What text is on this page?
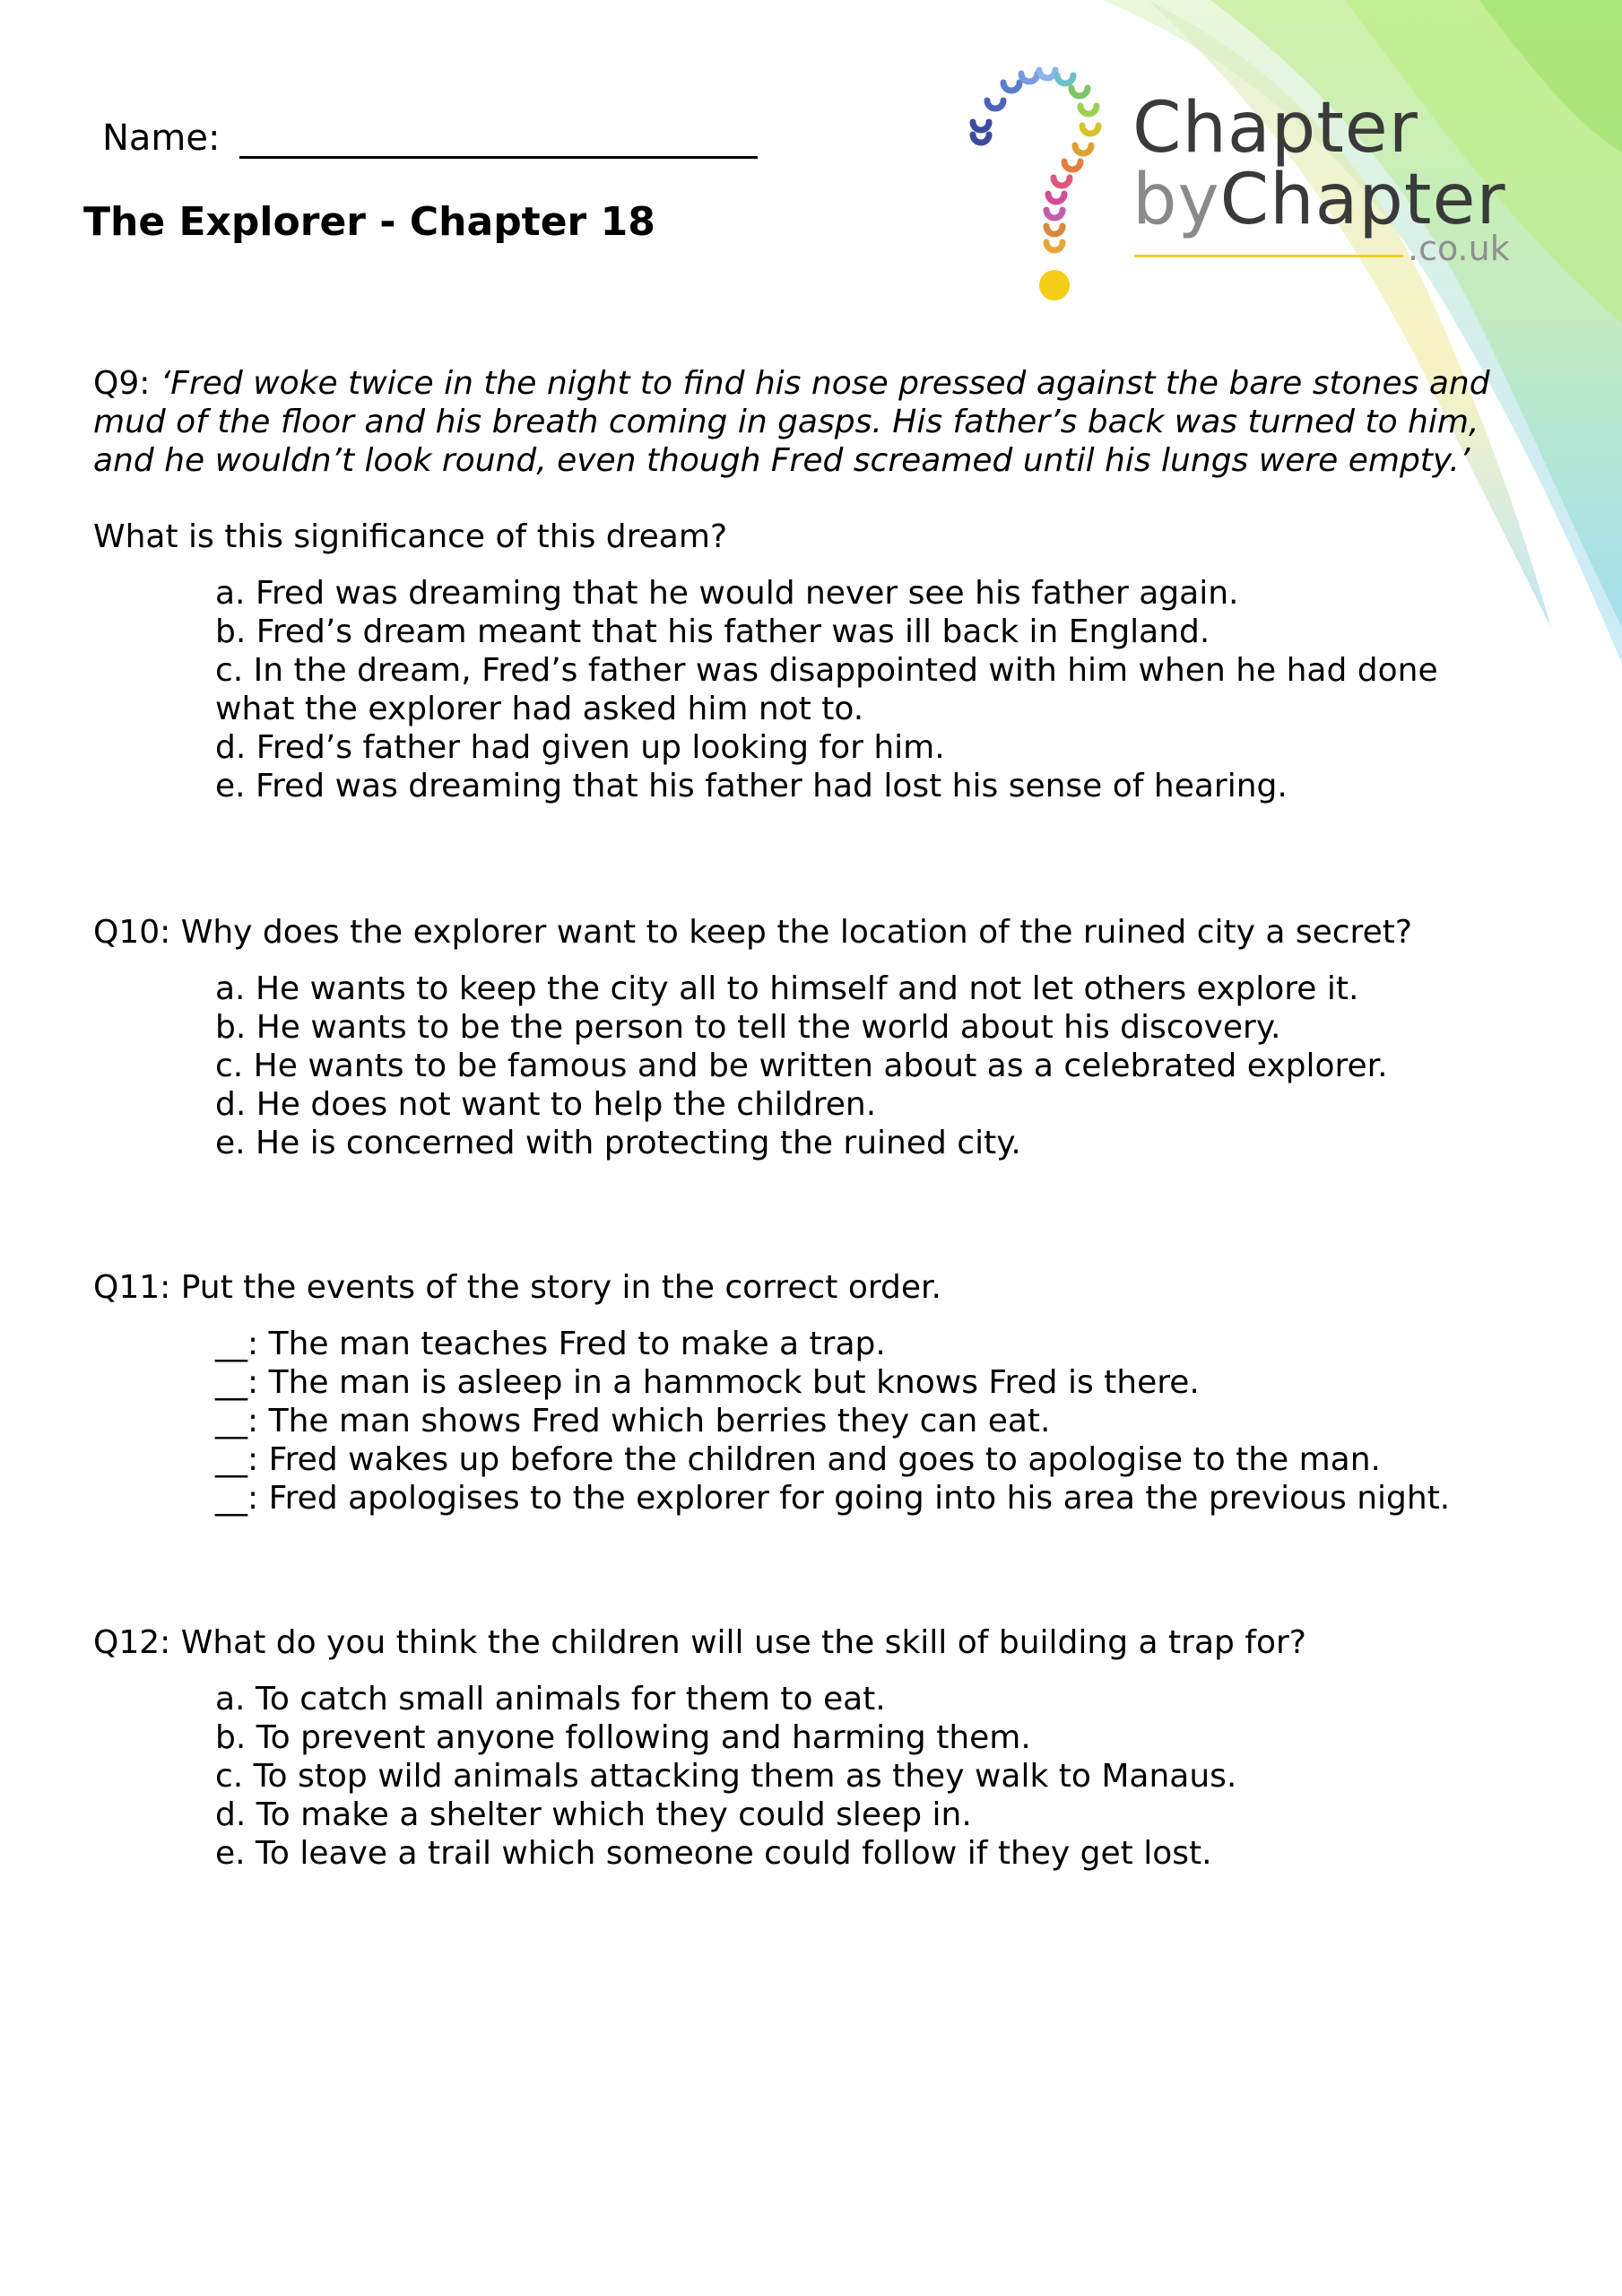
Name:
The Explorer - Chapter 18
Chapter
byChapter
.co.uk

Q9: ‘Fred woke twice in the night to find his nose pressed against the bare stones and mud of the floor and his breath coming in gasps. His father’s back was turned to him, and he wouldn’t look round, even though Fred screamed until his lungs were empty.’

What is this significance of this dream?

a. Fred was dreaming that he would never see his father again.
b. Fred’s dream meant that his father was ill back in England.
c. In the dream, Fred’s father was disappointed with him when he had done what the explorer had asked him not to.
d. Fred’s father had given up looking for him.
e. Fred was dreaming that his father had lost his sense of hearing.

Q10: Why does the explorer want to keep the location of the ruined city a secret?

a. He wants to keep the city all to himself and not let others explore it.
b. He wants to be the person to tell the world about his discovery.
c. He wants to be famous and be written about as a celebrated explorer.
d. He does not want to help the children.
e. He is concerned with protecting the ruined city.

Q11: Put the events of the story in the correct order.

__: The man teaches Fred to make a trap.
__: The man is asleep in a hammock but knows Fred is there.
__: The man shows Fred which berries they can eat.
__: Fred wakes up before the children and goes to apologise to the man.
__: Fred apologises to the explorer for going into his area the previous night.

Q12: What do you think the children will use the skill of building a trap for?

a. To catch small animals for them to eat.
b. To prevent anyone following and harming them.
c. To stop wild animals attacking them as they walk to Manaus.
d. To make a shelter which they could sleep in.
e. To leave a trail which someone could follow if they get lost.
